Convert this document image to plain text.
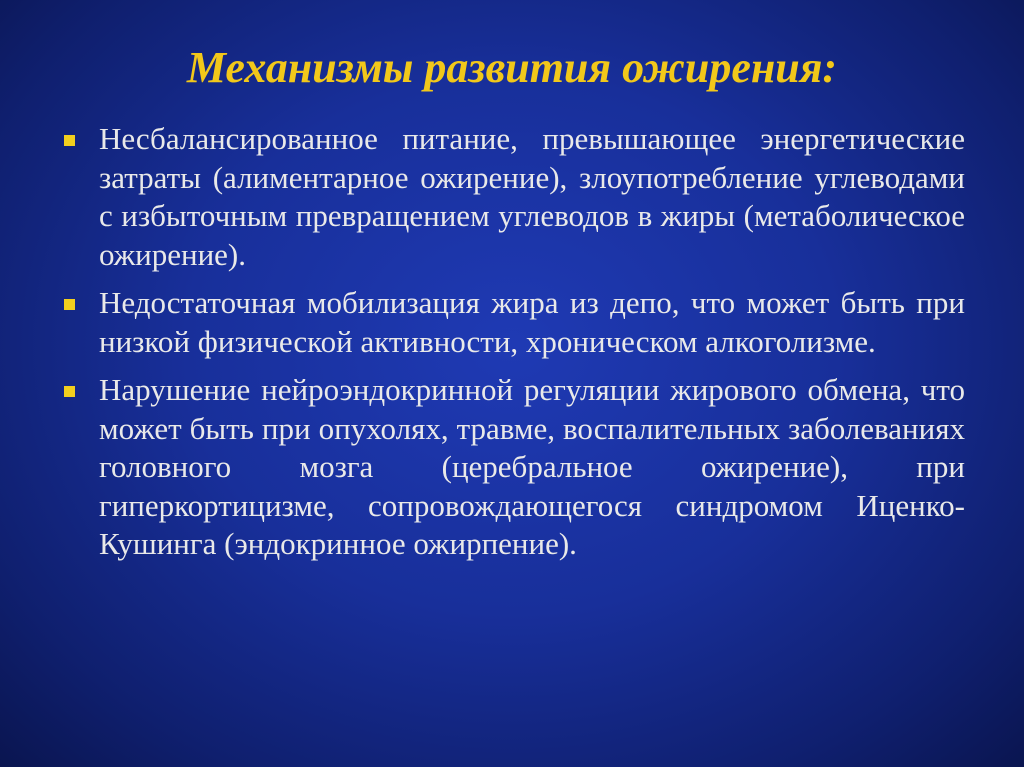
Механизмы развития ожирения:
Несбалансированное питание, превышающее энергетические затраты (алиментарное ожирение), злоупотребление углеводами с избыточным превращением углеводов в жиры (метаболическое ожирение).
Недостаточная мобилизация жира из депо, что может быть при низкой физической активности, хроническом алкоголизме.
Нарушение нейроэндокринной регуляции жирового обмена, что может быть при опухолях, травме, воспалительных заболеваниях головного мозга (церебральное ожирение), при гиперкортицизме, сопровождающегося синдромом Иценко-Кушинга (эндокринное ожирпение).
